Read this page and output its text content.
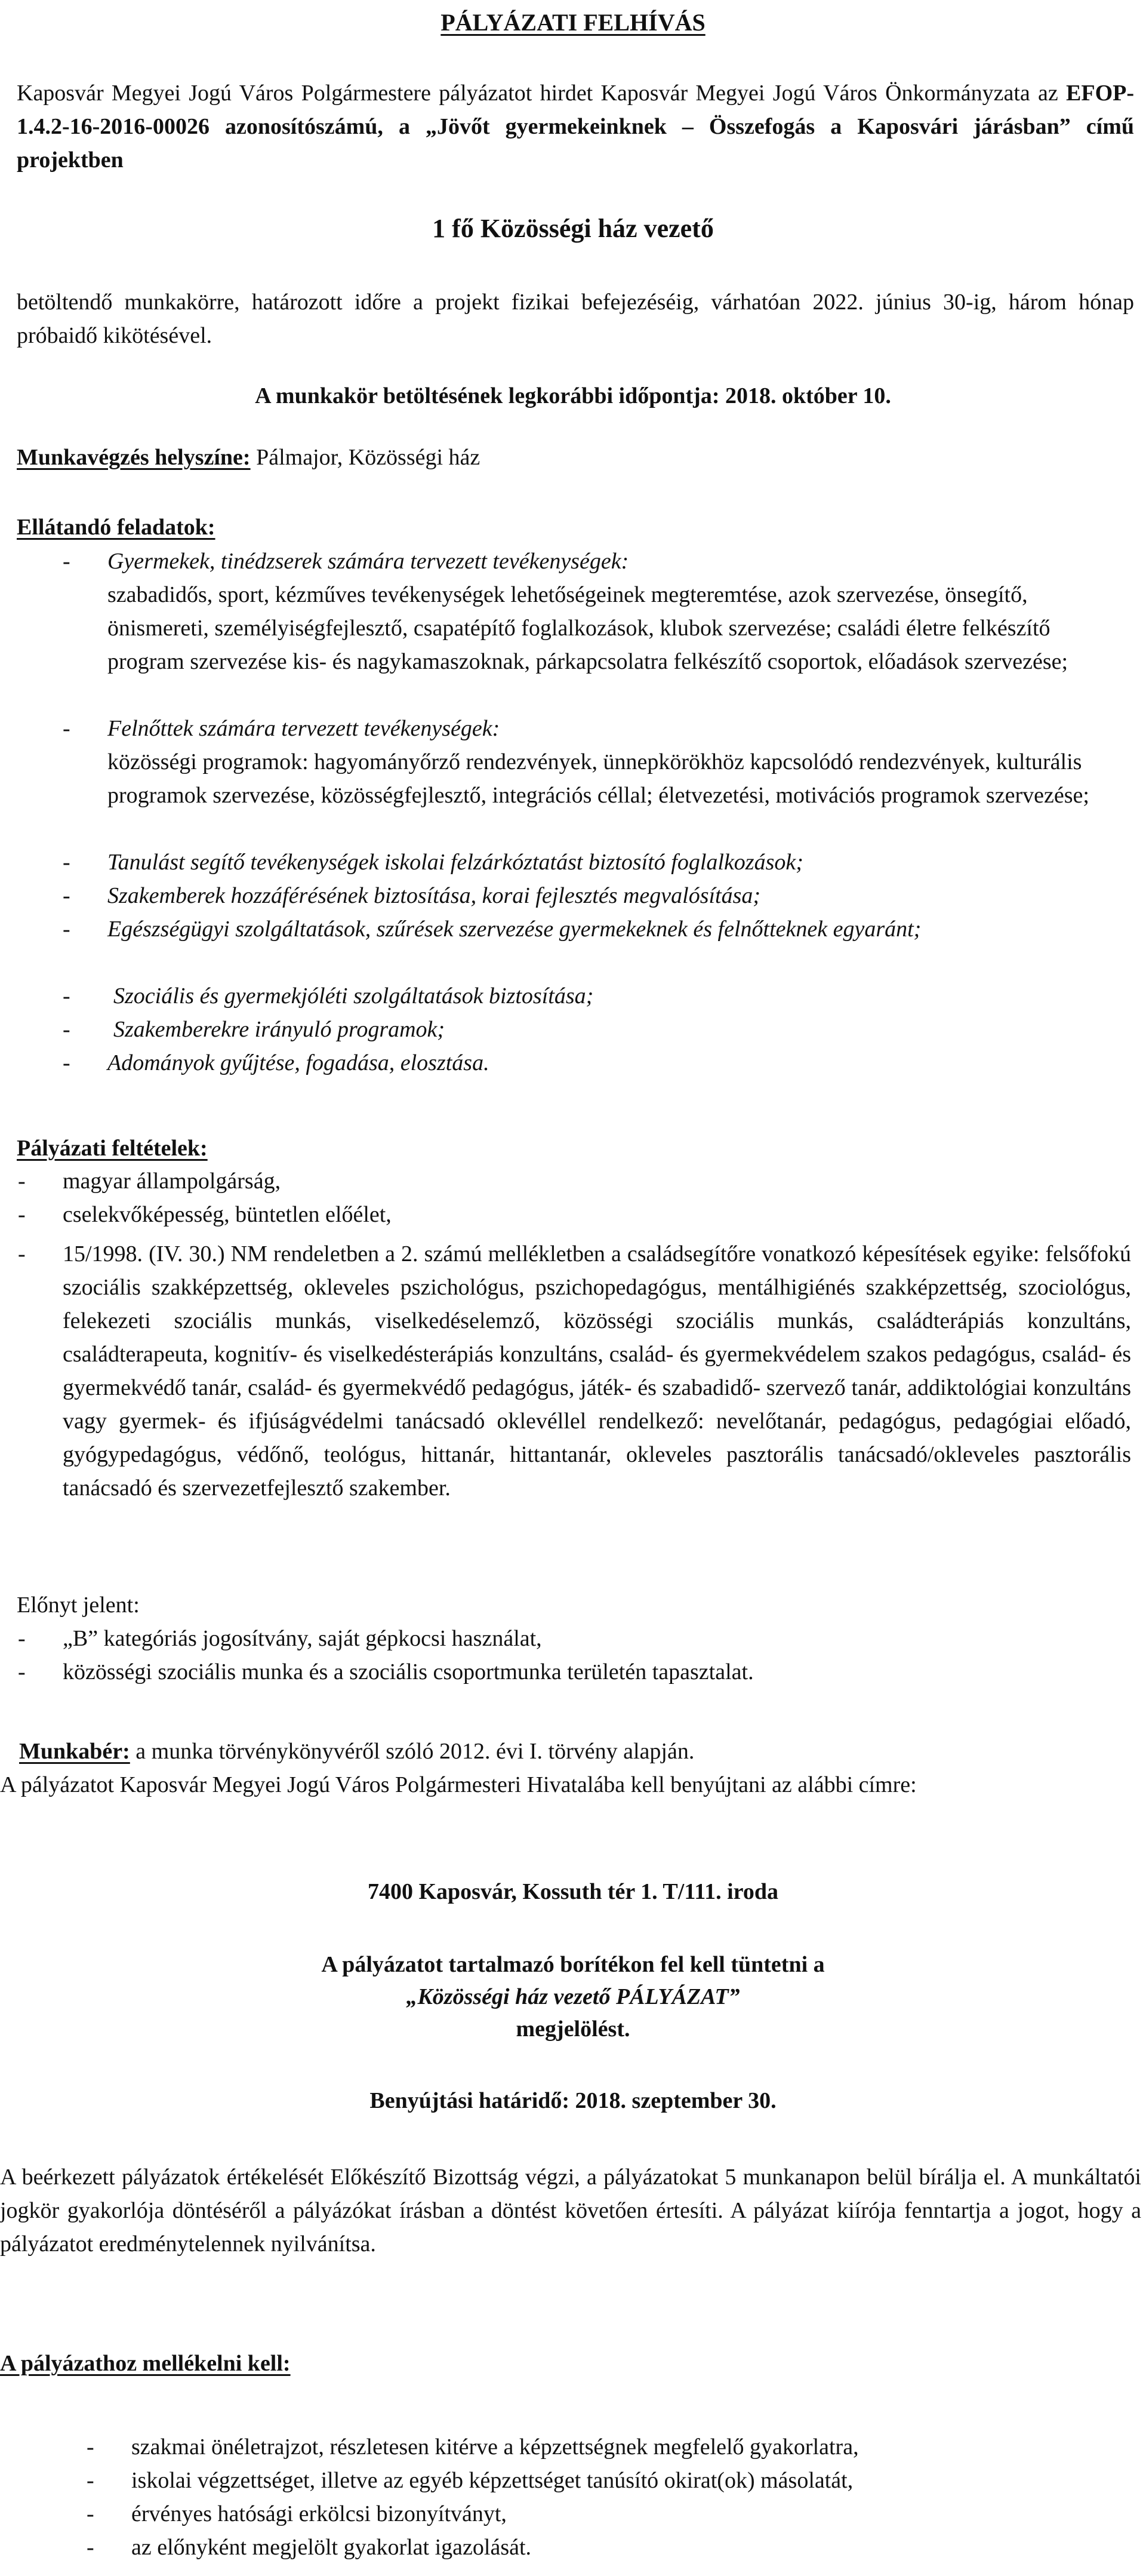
PÁLYÁZATI FELHÍVÁS
Kaposvár Megyei Jogú Város Polgármestere pályázatot hirdet Kaposvár Megyei Jogú Város Önkormányzata az EFOP-1.4.2-16-2016-00026 azonosítószámú, a „Jövőt gyermekeinknek – Összefogás a Kaposvári járásban” című projektben
1 fő Közösségi ház vezető
betöltendő munkakörre, határozott időre a projekt fizikai befejezéséig, várhatóan 2022. június 30-ig, három hónap próbaidő kikötésével.
A munkakör betöltésének legkorábbi időpontja: 2018. október 10.
Munkavégzés helyszíne: Pálmajor, Közösségi ház
Ellátandó feladatok:
- Gyermekek, tinédzserek számára tervezett tevékenységek:
szabadidős, sport, kézműves tevékenységek lehetőségeinek megteremtése, azok szervezése, önsegítő, önismereti, személyiségfejlesztő, csapatépítő foglalkozások, klubok szervezése; családi életre felkészítő program szervezése kis- és nagykamaszoknak, párkapcsolatra felkészítő csoportok, előadások szervezése;
- Felnőttek számára tervezett tevékenységek:
közösségi programok: hagyományőrző rendezvények, ünnepkörökhöz kapcsolódó rendezvények, kulturális programok szervezése, közösségfejlesztő, integrációs céllal; életvezetési, motivációs programok szervezése;
- Tanulást segítő tevékenységek iskolai felzárkóztatást biztosító foglalkozások;
- Szakemberek hozzáférésének biztosítása, korai fejlesztés megvalósítása;
- Egészségügyi szolgáltatások, szűrések szervezése gyermekeknek és felnőtteknek egyaránt;
- Szociális és gyermekjóléti szolgáltatások biztosítása;
- Szakemberekre irányuló programok;
- Adományok gyűjtése, fogadása, elosztása.
Pályázati feltételek:
- magyar állampolgárság,
- cselekvőképesség, büntetlen előélet,
- 15/1998. (IV. 30.) NM rendeletben a 2. számú mellékletben a családsegítőre vonatkozó képesítések egyike: felsőfokú szociális szakképzettség, okleveles pszichológus, pszichopedagógus, mentálhigiénés szakképzettség, szociológus, felekezeti szociális munkás, viselkedéselemző, közösségi szociális munkás, családterápiás konzultáns, családterapeuta, kognitív- és viselkedésterápiás konzultáns, család- és gyermekvédelem szakos pedagógus, család- és gyermekvédő tanár, család- és gyermekvédő pedagógus, játék- és szabadidő- szervező tanár, addiktológiai konzultáns vagy gyermek- és ifjúságvédelmi tanácsadó oklevéllel rendelkező: nevelőtanár, pedagógus, pedagógiai előadó, gyógypedagógus, védőnő, teológus, hittanár, hittantanár, okleveles pasztorális tanácsadó/okleveles pasztorális tanácsadó és szervezetfejlesztő szakember.
Előnyt jelent:
- „B” kategóriás jogosítvány, saját gépkocsi használat,
- közösségi szociális munka és a szociális csoportmunka területén tapasztalat.
Munkabér: a munka törvénykönyvéről szóló 2012. évi I. törvény alapján.
A pályázatot Kaposvár Megyei Jogú Város Polgármesteri Hivatalába kell benyújtani az alábbi címre:
7400 Kaposvár, Kossuth tér 1. T/111. iroda
A pályázatot tartalmazó borítékon fel kell tüntetni a
„Közösségi ház vezető PÁLYÁZAT”
megjelölést.
Benyújtási határidő: 2018. szeptember 30.
A beérkezett pályázatok értékelését Előkészítő Bizottság végzi, a pályázatokat 5 munkanapon belül bírálja el. A munkáltatói jogkör gyakorlója döntéséről a pályázókat írásban a döntést követően értesíti. A pályázat kiírója fenntartja a jogot, hogy a pályázatot eredménytelennek nyilvánítsa.
A pályázathoz mellékelni kell:
- szakmai önéletrajzot, részletesen kitérve a képzettségnek megfelelő gyakorlatra,
- iskolai végzettséget, illetve az egyéb képzettséget tanúsító okirat(ok) másolatát,
- érvényes hatósági erkölcsi bizonyítványt,
- az előnyként megjelölt gyakorlat igazolását.
